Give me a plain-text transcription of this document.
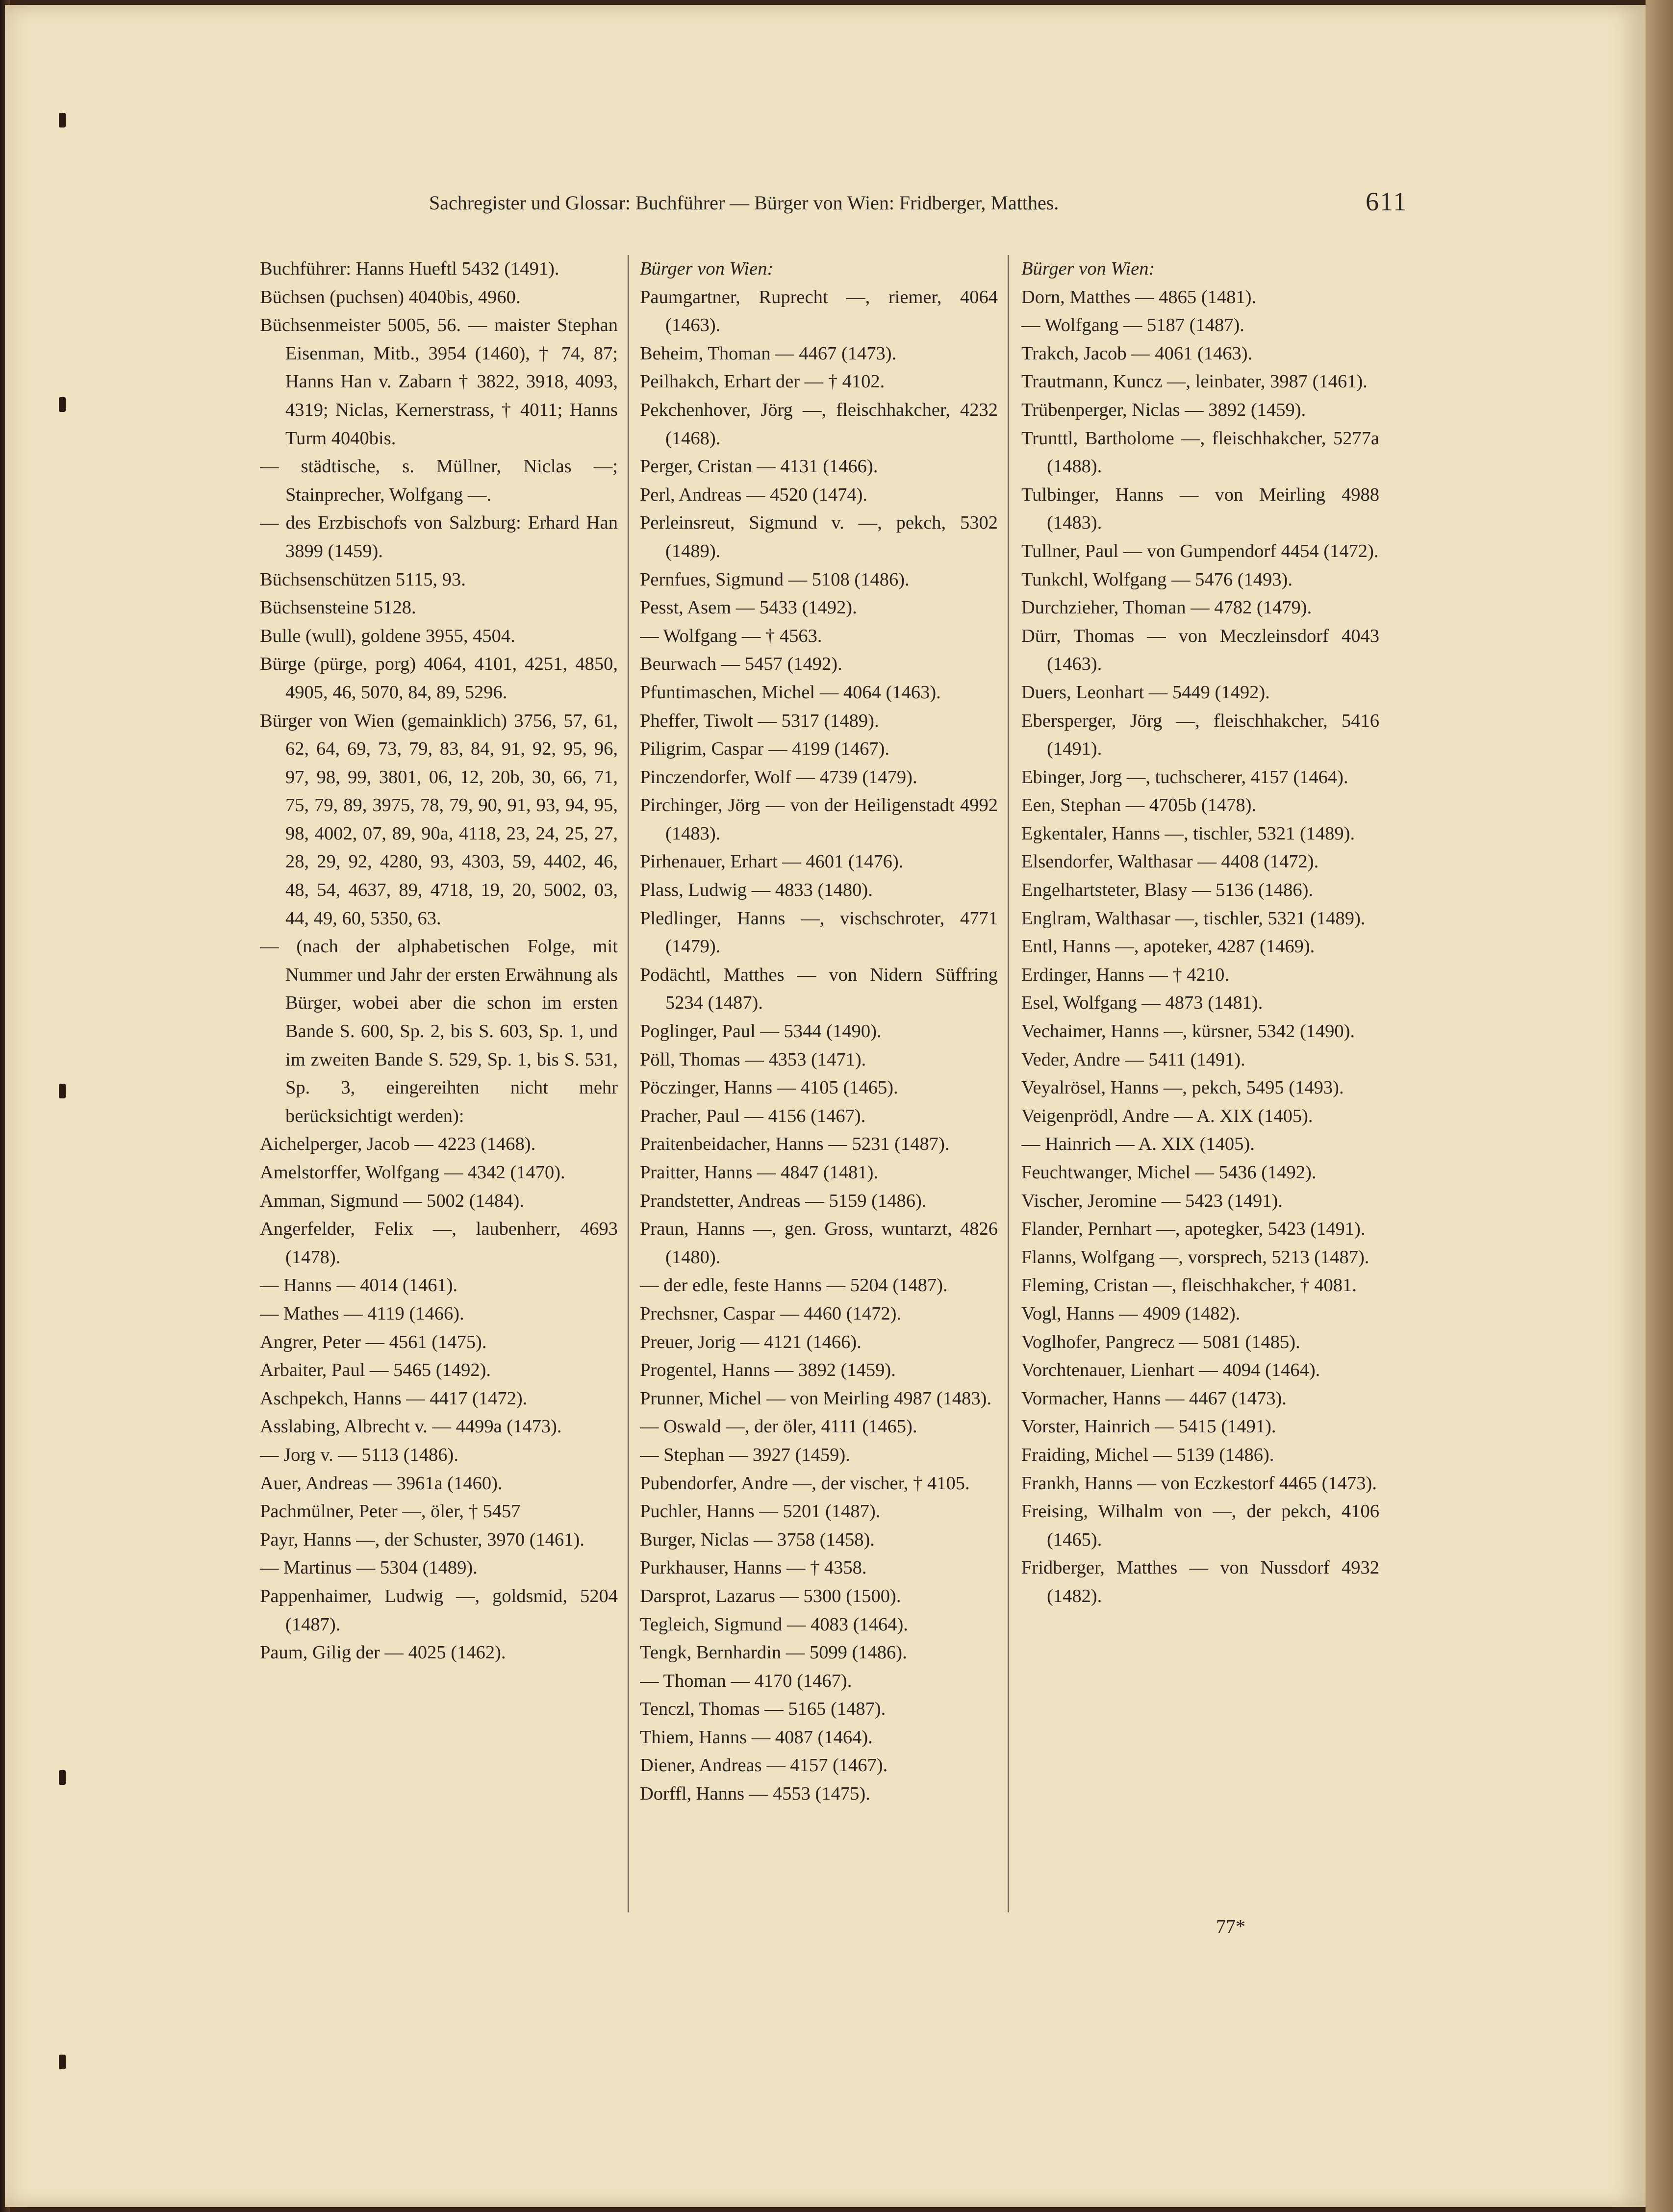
Sachregister und Glossar: Buchführer — Bürger von Wien: Fridberger, Matthes.	611
Buchführer: Hanns Hueftl 5432 (1491).
Büchsen (puchsen) 4040bis, 4960.
Büchsenmeister 5005, 56. — maister Stephan Eisenman, Mitb., 3954 (1460), † 74, 87; Hanns Han v. Zabarn † 3822, 3918, 4093, 4319; Niclas, Kernerstrass, † 4011; Hanns Turm 4040bis.
— städtische, s. Müllner, Niclas —; Stainprecher, Wolfgang —.
— des Erzbischofs von Salzburg: Erhard Han 3899 (1459).
Büchsenschützen 5115, 93.
Büchsensteine 5128.
Bulle (wull), goldene 3955, 4504.
Bürge (pürge, porg) 4064, 4101, 4251, 4850, 4905, 46, 5070, 84, 89, 5296.
Bürger von Wien (gemainklich) 3756, 57, 61, 62, 64, 69, 73, 79, 83, 84, 91, 92, 95, 96, 97, 98, 99, 3801, 06, 12, 20b, 30, 66, 71, 75, 79, 89, 3975, 78, 79, 90, 91, 93, 94, 95, 98, 4002, 07, 89, 90a, 4118, 23, 24, 25, 27, 28, 29, 92, 4280, 93, 4303, 59, 4402, 46, 48, 54, 4637, 89, 4718, 19, 20, 5002, 03, 44, 49, 60, 5350, 63.
— (nach der alphabetischen Folge, mit Nummer und Jahr der ersten Erwähnung als Bürger, wobei aber die schon im ersten Bande S. 600, Sp. 2, bis S. 603, Sp. 1, und im zweiten Bande S. 529, Sp. 1, bis S. 531, Sp. 3, eingereihten nicht mehr berücksichtigt werden):
Aichelperger, Jacob — 4223 (1468).
Amelstorffer, Wolfgang — 4342 (1470).
Amman, Sigmund — 5002 (1484).
Angerfelder, Felix —, laubenherr, 4693 (1478).
— Hanns — 4014 (1461).
— Mathes — 4119 (1466).
Angrer, Peter — 4561 (1475).
Arbaiter, Paul — 5465 (1492).
Aschpekch, Hanns — 4417 (1472).
Asslabing, Albrecht v. — 4499a (1473).
— Jorg v. — 5113 (1486).
Auer, Andreas — 3961a (1460).
Pachmülner, Peter —, öler, † 5457
Payr, Hanns —, der Schuster, 3970 (1461).
— Martinus — 5304 (1489).
Pappenhaimer, Ludwig —, goldsmid, 5204 (1487).
Paum, Gilig der — 4025 (1462).
Bürger von Wien:
Paumgartner, Ruprecht —, riemer, 4064 (1463).
Beheim, Thoman — 4467 (1473).
Peilhakch, Erhart der — † 4102.
Pekchenhover, Jörg —, fleischhakcher, 4232 (1468).
Perger, Cristan — 4131 (1466).
Perl, Andreas — 4520 (1474).
Perleinsreut, Sigmund v. —, pekch, 5302 (1489).
Pernfues, Sigmund — 5108 (1486).
Pesst, Asem — 5433 (1492).
— Wolfgang — † 4563.
Beurwach — 5457 (1492).
Pfuntimaschen, Michel — 4064 (1463).
Pheffer, Tiwolt — 5317 (1489).
Piligrim, Caspar — 4199 (1467).
Pinczendorfer, Wolf — 4739 (1479).
Pirchinger, Jörg — von der Heiligenstadt 4992 (1483).
Pirhenauer, Erhart — 4601 (1476).
Plass, Ludwig — 4833 (1480).
Pledlinger, Hanns —, vischschroter, 4771 (1479).
Podächtl, Matthes — von Nidern Süffring 5234 (1487).
Poglinger, Paul — 5344 (1490).
Pöll, Thomas — 4353 (1471).
Pöczinger, Hanns — 4105 (1465).
Pracher, Paul — 4156 (1467).
Praitenbeidacher, Hanns — 5231 (1487).
Praitter, Hanns — 4847 (1481).
Prandstetter, Andreas — 5159 (1486).
Praun, Hanns —, gen. Gross, wuntarzt, 4826 (1480).
— der edle, feste Hanns — 5204 (1487).
Prechsner, Caspar — 4460 (1472).
Preuer, Jorig — 4121 (1466).
Progentel, Hanns — 3892 (1459).
Prunner, Michel — von Meirling 4987 (1483).
— Oswald —, der öler, 4111 (1465).
— Stephan — 3927 (1459).
Pubendorfer, Andre —, der vischer, † 4105.
Puchler, Hanns — 5201 (1487).
Burger, Niclas — 3758 (1458).
Purkhauser, Hanns — † 4358.
Darsprot, Lazarus — 5300 (1500).
Tegleich, Sigmund — 4083 (1464).
Tengk, Bernhardin — 5099 (1486).
— Thoman — 4170 (1467).
Tenczl, Thomas — 5165 (1487).
Thiem, Hanns — 4087 (1464).
Diener, Andreas — 4157 (1467).
Dorffl, Hanns — 4553 (1475).
Bürger von Wien:
Dorn, Matthes — 4865 (1481).
— Wolfgang — 5187 (1487).
Trakch, Jacob — 4061 (1463).
Trautmann, Kuncz —, leinbater, 3987 (1461).
Trübenperger, Niclas — 3892 (1459).
Trunttl, Bartholome —, fleischhakcher, 5277a (1488).
Tulbinger, Hanns — von Meirling 4988 (1483).
Tullner, Paul — von Gumpendorf 4454 (1472).
Tunkchl, Wolfgang — 5476 (1493).
Durchzieher, Thoman — 4782 (1479).
Dürr, Thomas — von Meczleinsdorf 4043 (1463).
Duers, Leonhart — 5449 (1492).
Ebersperger, Jörg —, fleischhakcher, 5416 (1491).
Ebinger, Jorg —, tuchscherer, 4157 (1464).
Een, Stephan — 4705b (1478).
Egkentaler, Hanns —, tischler, 5321 (1489).
Elsendorfer, Walthasar — 4408 (1472).
Engelhartsteter, Blasy — 5136 (1486).
Englram, Walthasar —, tischler, 5321 (1489).
Entl, Hanns —, apoteker, 4287 (1469).
Erdinger, Hanns — † 4210.
Esel, Wolfgang — 4873 (1481).
Vechaimer, Hanns —, kürsner, 5342 (1490).
Veder, Andre — 5411 (1491).
Veyalrösel, Hanns —, pekch, 5495 (1493).
Veigenprödl, Andre — A. XIX (1405).
— Hainrich — A. XIX (1405).
Feuchtwanger, Michel — 5436 (1492).
Vischer, Jeromine — 5423 (1491).
Flander, Pernhart —, apotegker, 5423 (1491).
Flanns, Wolfgang —, vorsprech, 5213 (1487).
Fleming, Cristan —, fleischhakcher, † 4081.
Vogl, Hanns — 4909 (1482).
Voglhofer, Pangrecz — 5081 (1485).
Vorchtenauer, Lienhart — 4094 (1464).
Vormacher, Hanns — 4467 (1473).
Vorster, Hainrich — 5415 (1491).
Fraiding, Michel — 5139 (1486).
Frankh, Hanns — von Eczkestorf 4465 (1473).
Freising, Wilhalm von —, der pekch, 4106 (1465).
Fridberger, Matthes — von Nussdorf 4932 (1482).
77*
